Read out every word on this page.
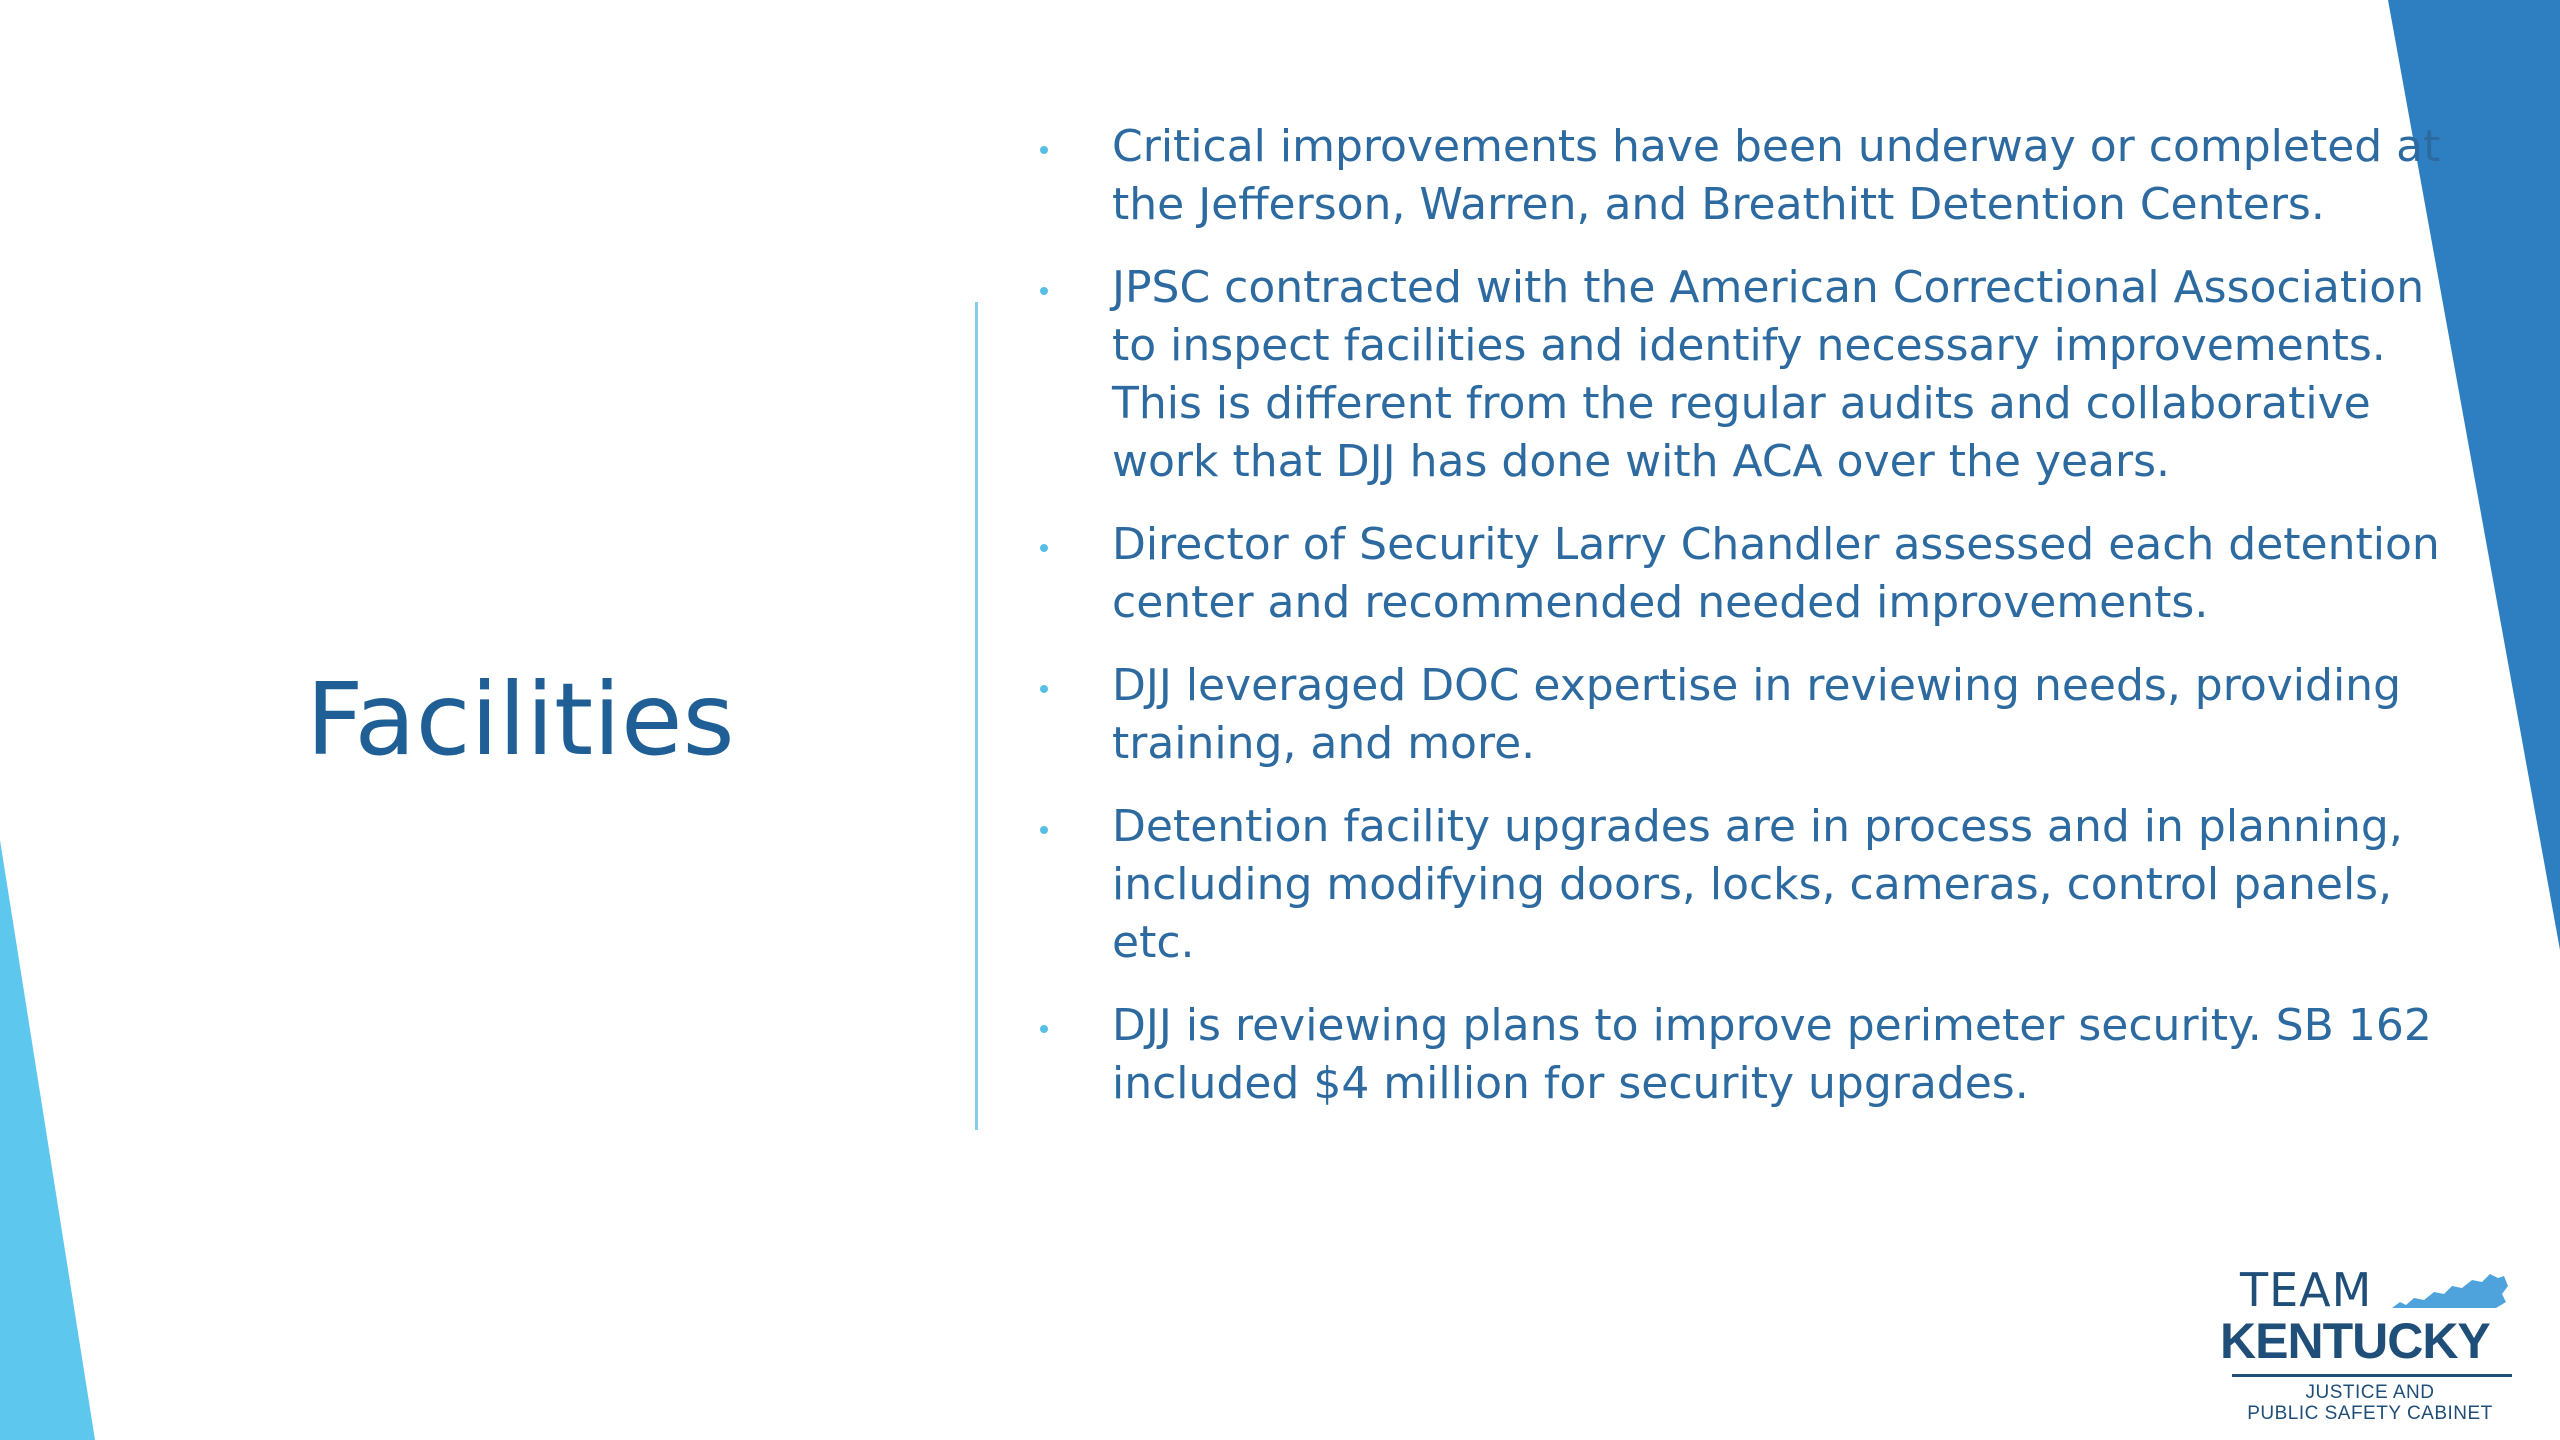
Facilities
Critical improvements have been underway or completed at the Jefferson, Warren, and Breathitt Detention Centers.
JPSC contracted with the American Correctional Association to inspect facilities and identify necessary improvements. This is different from the regular audits and collaborative work that DJJ has done with ACA over the years.
Director of Security Larry Chandler assessed each detention center and recommended needed improvements.
DJJ leveraged DOC expertise in reviewing needs, providing training, and more.
Detention facility upgrades are in process and in planning, including modifying doors, locks, cameras, control panels, etc.
DJJ is reviewing plans to improve perimeter security. SB 162 included $4 million for security upgrades.
TEAM
KENTUCKY
JUSTICE AND
PUBLIC SAFETY CABINET
